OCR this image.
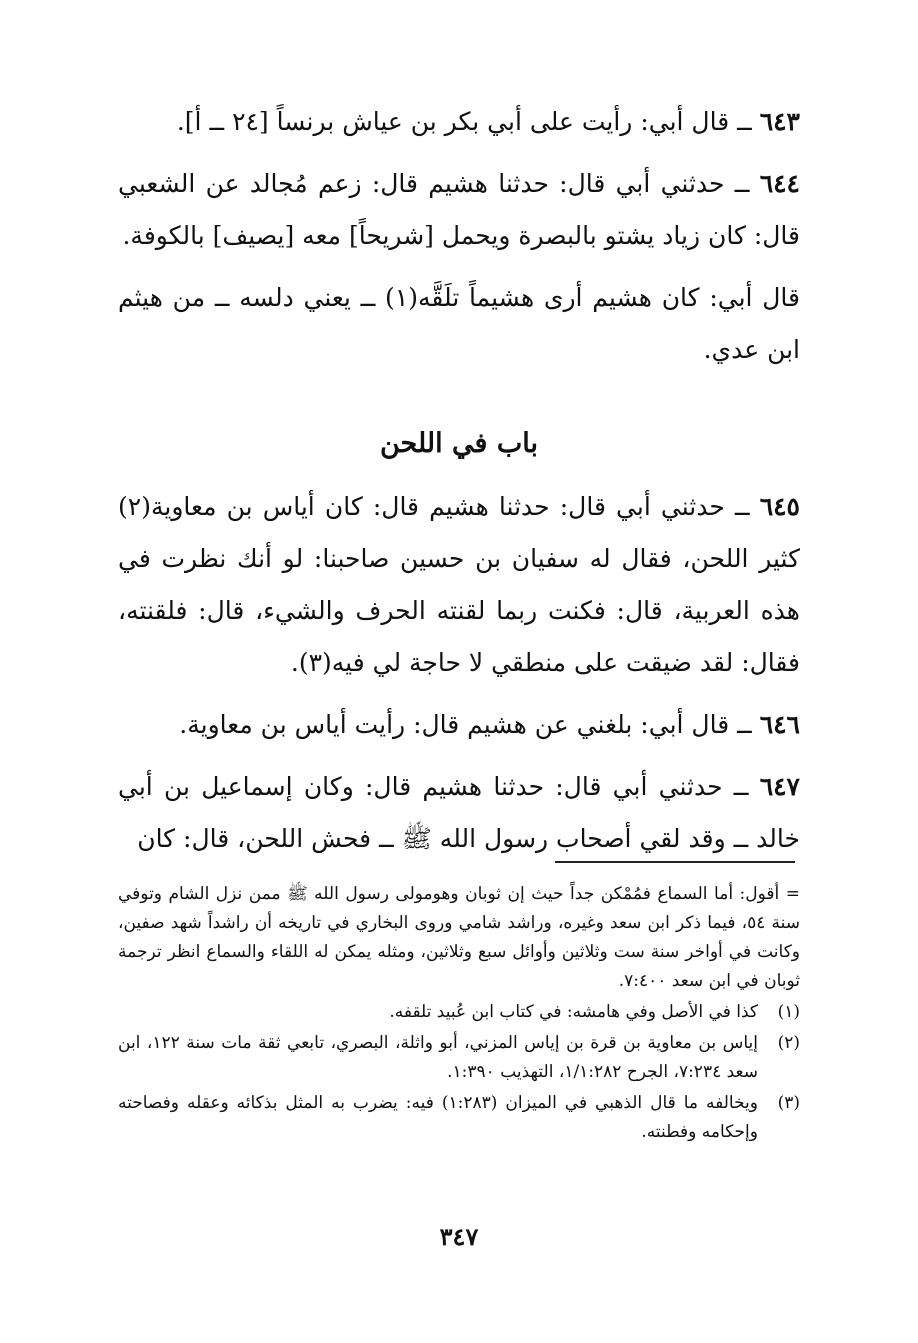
٦٤٣ ــ قال أبي: رأيت على أبي بكر بن عياش برنساً [٢٤ ــ أ].

٦٤٤ ــ حدثني أبي قال: حدثنا هشيم قال: زعم مُجالد عن الشعبي قال: كان زياد يشتو بالبصرة ويحمل [شريحاً] معه [يصيف] بالكوفة.

قال أبي: كان هشيم أرى هشيماً تلَقَّه(١) ــ يعني دلسه ــ من هيثم ابن عدي.

باب في اللحن

٦٤٥ ــ حدثني أبي قال: حدثنا هشيم قال: كان أياس بن معاوية(٢) كثير اللحن، فقال له سفيان بن حسين صاحبنا: لو أنك نظرت في هذه العربية، قال: فكنت ربما لقنته الحرف والشيء، قال: فلقنته، فقال: لقد ضيقت على منطقي لا حاجة لي فيه(٣).

٦٤٦ ــ قال أبي: بلغني عن هشيم قال: رأيت أياس بن معاوية.

٦٤٧ ــ حدثني أبي قال: حدثنا هشيم قال: وكان إسماعيل بن أبي خالد ــ وقد لقي أصحاب رسول الله ﷺ ــ فحش اللحن، قال: كان

= أقول: أما السماع فمُمْكن جداً حيث إن ثوبان وهومولى رسول الله ﷺ ممن نزل الشام وتوفي سنة ٥٤، فيما ذكر ابن سعد وغيره، وراشد شامي وروى البخاري في تاريخه أن راشداً شهد صفين، وكانت في أواخر سنة ست وثلاثين وأوائل سبع وثلاثين، ومثله يمكن له اللقاء والسماع انظر ترجمة ثوبان في ابن سعد ٧:٤٠٠.

(١)
كذا في الأصل وفي هامشه: في كتاب ابن عُبيد تلقفه.
(٢)
إياس بن معاوية بن قرة بن إياس المزني، أبو واثلة، البصري، تابعي ثقة مات سنة ١٢٢، ابن سعد ٧:٢٣٤، الجرح ١/١:٢٨٢، التهذيب ١:٣٩٠.
(٣)
ويخالفه ما قال الذهبي في الميزان (١:٢٨٣) فيه: يضرب به المثل بذكائه وعقله وفصاحته وإحكامه وفطنته.
٣٤٧
